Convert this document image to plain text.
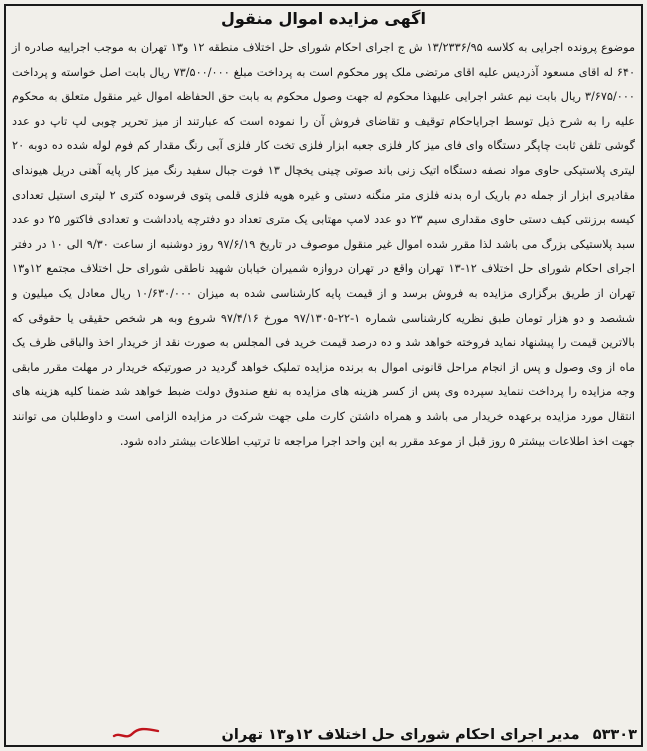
اگهی مزایده اموال منقول

موضوع پرونده اجرایی به کلاسه ۱۳/۲۳۳۶/۹۵ ش ج اجرای احکام شورای حل اختلاف منطقه ۱۲ و۱۳ تهران به موجب اجراییه صادره از ۶۴۰ له اقای مسعود آذردیس علیه اقای مرتضی ملک پور محکوم است به پرداخت مبلغ ۷۳/۵۰۰/۰۰۰ ریال بابت اصل خواسته و پرداخت ۳/۶۷۵/۰۰۰ ریال بابت نیم عشر اجرایی علیهذا محکوم له جهت وصول محکوم به بابت حق الحفاظه اموال غیر منقول متعلق به محکوم علیه را به شرح ذیل توسط اجرایاحکام توقیف و تقاضای فروش آن را نموده است که عبارتند از میز تحریر چوبی لپ تاپ دو عدد گوشی تلفن ثابت چاپگر دستگاه وای فای میز کار فلزی جعبه ابزار فلزی تخت کار فلزی آبی رنگ مقدار کم فوم لوله شده ده دوبه ۲۰ لیتری پلاستیکی حاوی مواد نصفه دستگاه اتیک زنی باند صوتی چینی یخچال ۱۳ فوت جبال سفید رنگ میز کار پایه آهنی دریل هیوندای مقادیری ابزار از جمله دم باریک اره بدنه فلزی متر منگنه دستی و غیره هویه فلزی قلمی پتوی فرسوده کتری ۲ لیتری استیل تعدادی کیسه برزنتی کیف دستی حاوی مقداری سیم ۲۳ دو عدد لامپ مهتابی یک متری تعداد دو دفترچه یادداشت و تعدادی فاکتور ۲۵ دو عدد سبد پلاستیکی بزرگ می باشد لذا مقرر شده اموال غیر منقول موصوف در تاریخ ۹۷/۶/۱۹ روز دوشنبه از ساعت ۹/۳۰ الی ۱۰ در دفتر اجرای احکام شورای حل اختلاف ۱۲-۱۳ تهران واقع در تهران دروازه شمیران خیابان شهید ناطقی شورای حل اختلاف مجتمع ۱۲و۱۳ تهران از طریق برگزاری مزایده به فروش برسد و از قیمت پایه کارشناسی شده به میزان ۱۰/۶۳۰/۰۰۰ ریال معادل یک میلیون و ششصد و دو هزار تومان طبق نظریه کارشناسی شماره ۱-۲۲-۹۷/۱۳۰۵ مورخ ۹۷/۴/۱۶ شروع وبه هر شخص حقیقی یا حقوقی که بالاترین قیمت را پیشنهاد نماید فروخته خواهد شد و ده درصد قیمت خرید فی المجلس به صورت نقد از خریدار اخذ والباقی ظرف یک ماه از وی وصول و پس از انجام مراحل قانونی اموال به برنده مزایده تملیک خواهد گردید در صورتیکه خریدار در مهلت مقرر مابقی وجه مزایده را پرداخت ننماید سپرده وی پس از کسر هزینه های مزایده به نفع صندوق دولت ضبط خواهد شد ضمنا کلیه هزینه های انتقال مورد مزایده برعهده خریدار می باشد و همراه داشتن کارت ملی جهت شرکت در مزایده الزامی است و داوطلبان می توانند جهت اخذ اطلاعات بیشتر ۵ روز قبل از موعد مقرر به این واحد اجرا مراجعه تا ترتیب اطلاعات بیشتر داده شود.

۵۳۳۰۳ مدیر اجرای احکام شورای حل اختلاف ۱۲و۱۳ تهران
